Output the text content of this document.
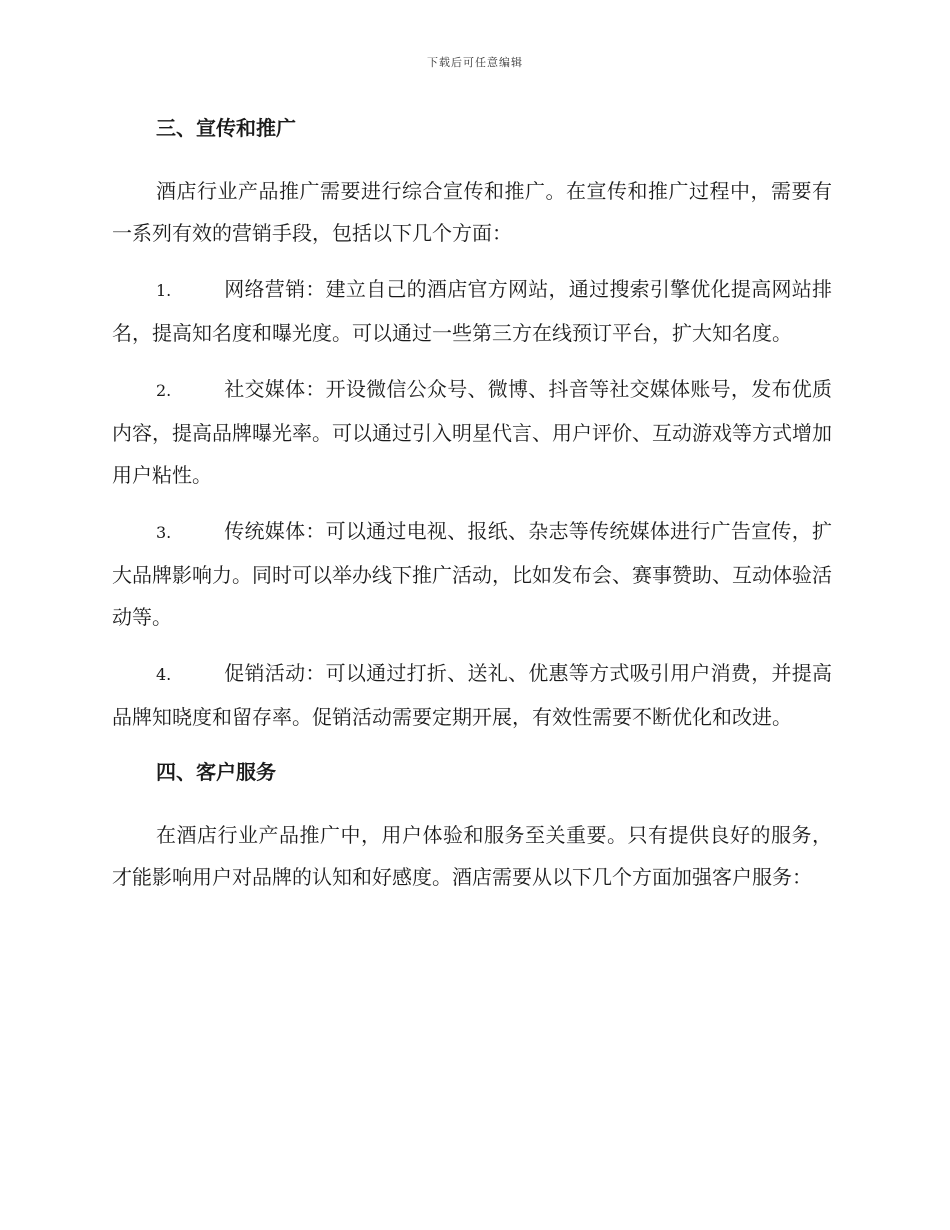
下载后可任意编辑
三、宣传和推广

酒店行业产品推广需要进行综合宣传和推广。在宣传和推广过程中，需要有一系列有效的营销手段，包括以下几个方面：

1.	网络营销：建立自己的酒店官方网站，通过搜索引擎优化提高网站排名，提高知名度和曝光度。可以通过一些第三方在线预订平台，扩大知名度。

2.	社交媒体：开设微信公众号、微博、抖音等社交媒体账号，发布优质内容，提高品牌曝光率。可以通过引入明星代言、用户评价、互动游戏等方式增加用户粘性。

3.	传统媒体：可以通过电视、报纸、杂志等传统媒体进行广告宣传，扩大品牌影响力。同时可以举办线下推广活动，比如发布会、赛事赞助、互动体验活动等。

4.	促销活动：可以通过打折、送礼、优惠等方式吸引用户消费，并提高品牌知晓度和留存率。促销活动需要定期开展，有效性需要不断优化和改进。

四、客户服务

在酒店行业产品推广中，用户体验和服务至关重要。只有提供良好的服务，才能影响用户对品牌的认知和好感度。酒店需要从以下几个方面加强客户服务：
